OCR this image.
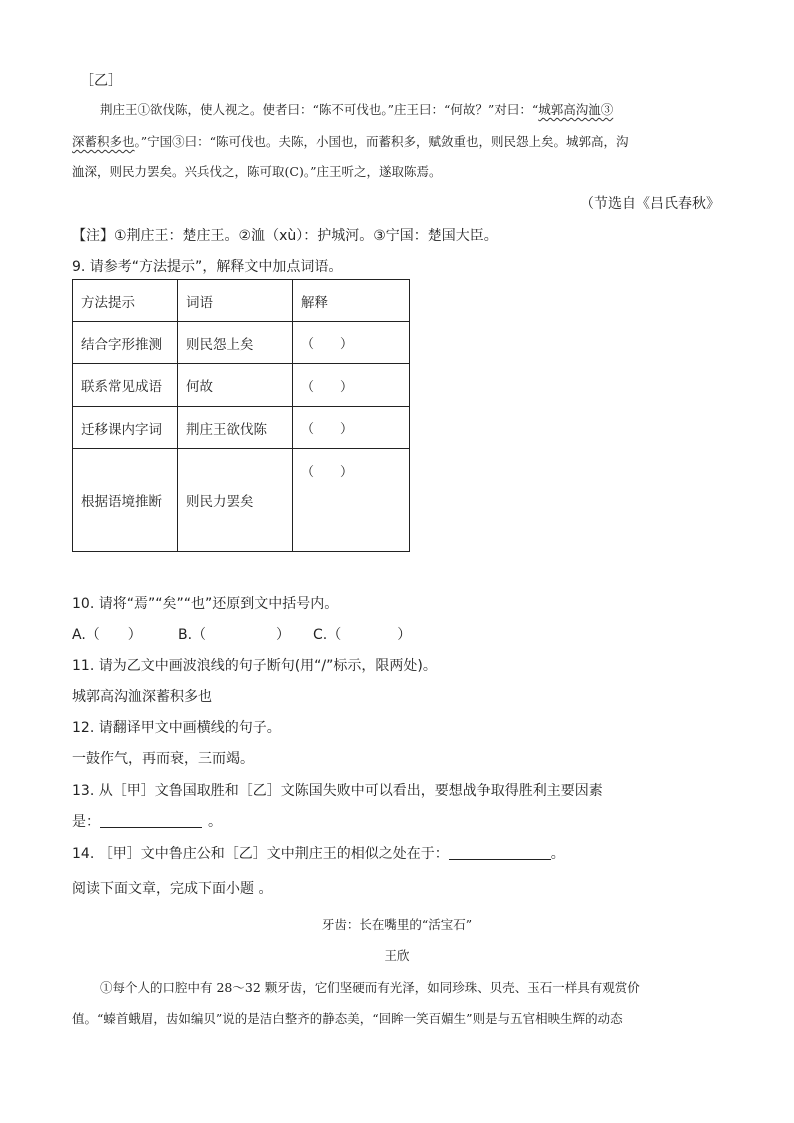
［乙］
荆庄王①欲伐陈，使人视之。使者曰：“陈不可伐也。”庄王曰：“何故？”对曰：“城郭高沟洫③
深蓄积多也。”宁国③曰：“陈可伐也。夫陈，小国也，而蓄积多，赋敛重也，则民怨上矣。城郭高，沟
洫深，则民力罢矣。兴兵伐之，陈可取(C)。”庄王听之，遂取陈焉。
（节选自《吕氏春秋》
【注】①荆庄王：楚庄王。②洫（xù）：护城河。③宁国：楚国大臣。
9. 请参考“方法提示”，解释文中加点词语。
方法提示	词语	解释
结合字形推测	则民怨上矣	（　　）
联系常见成语	何故	（　　）
迁移课内字词	荆庄王欲伐陈	（　　）
根据语境推断	则民力罢矣	（　　）
10. 请将“焉”“矣”“也”还原到文中括号内。
A.（　　）	B.（　　　　　） C.（　　　　）
11. 请为乙文中画波浪线的句子断句(用“/”标示，限两处)。
城郭高沟洫深蓄积多也
12. 请翻译甲文中画横线的句子。
一鼓作气，再而衰，三而竭。
13. 从［甲］文鲁国取胜和［乙］文陈国失败中可以看出，要想战争取得胜利主要因素
是：	。
14. ［甲］文中鲁庄公和［乙］文中荆庄王的相似之处在于：	。
阅读下面文章，完成下面小题 。
牙齿：长在嘴里的“活宝石”
王欣
①每个人的口腔中有 28～32 颗牙齿，它们坚硬而有光泽，如同珍珠、贝壳、玉石一样具有观赏价
值。“螓首蛾眉，齿如编贝”说的是洁白整齐的静态美，“回眸一笑百媚生”则是与五官相映生辉的动态
